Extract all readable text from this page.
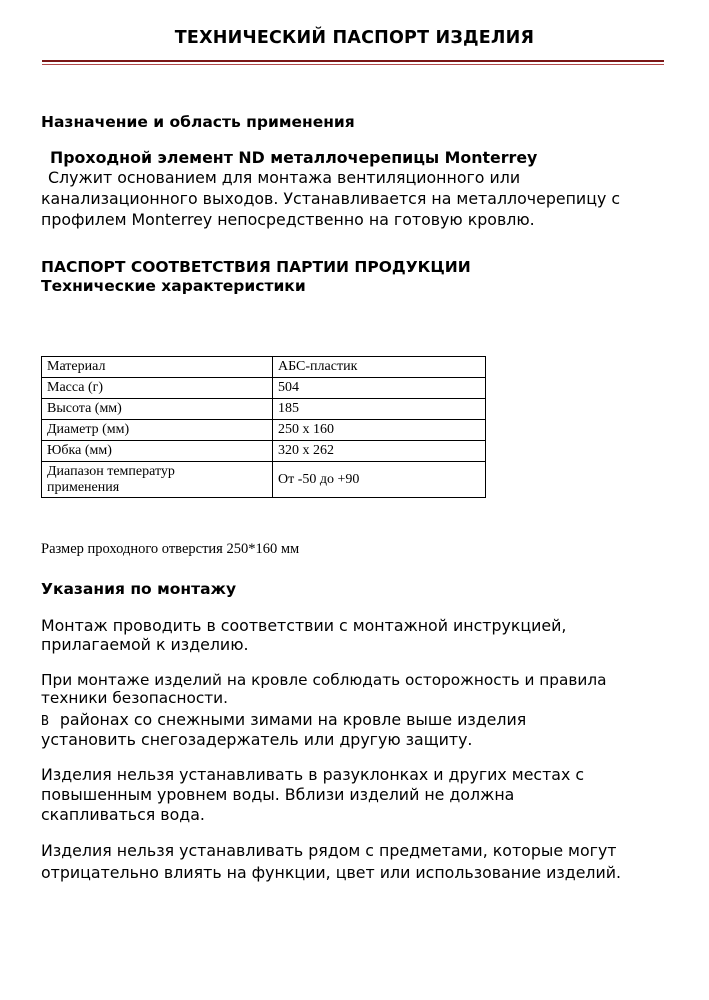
ТЕХНИЧЕСКИЙ ПАСПОРТ ИЗДЕЛИЯ
Назначение и область применения
Проходной элемент ND металлочерепицы Monterrey
Служит основанием для монтажа вентиляционного или
канализационного выходов. Устанавливается на металлочерепицу с
профилем Monterrey непосредственно на готовую кровлю.
ПАСПОРТ СООТВЕТСТВИЯ ПАРТИИ ПРОДУКЦИИ
Технические характеристики
Материал	АБС-пластик
Масса (г)	504
Высота (мм)	185
Диаметр (мм)	250 x 160
Юбка (мм)	320 x 262

Диапазон температур
применения	От -50 до +90
Размер проходного отверстия 250*160 мм
Указания по монтажу
Монтаж проводить в соответствии с монтажной инструкцией,
прилагаемой к изделию.
При монтаже изделий на кровле соблюдать осторожность и правила
техники безопасности.
В районах со снежными зимами на кровле выше изделия
установить снегозадержатель или другую защиту.
Изделия нельзя устанавливать в разуклонках и других местах с
повышенным уровнем воды. Вблизи изделий не должна
скапливаться вода.
Изделия нельзя устанавливать рядом с предметами, которые могут
отрицательно влиять на функции, цвет или использование изделий.
